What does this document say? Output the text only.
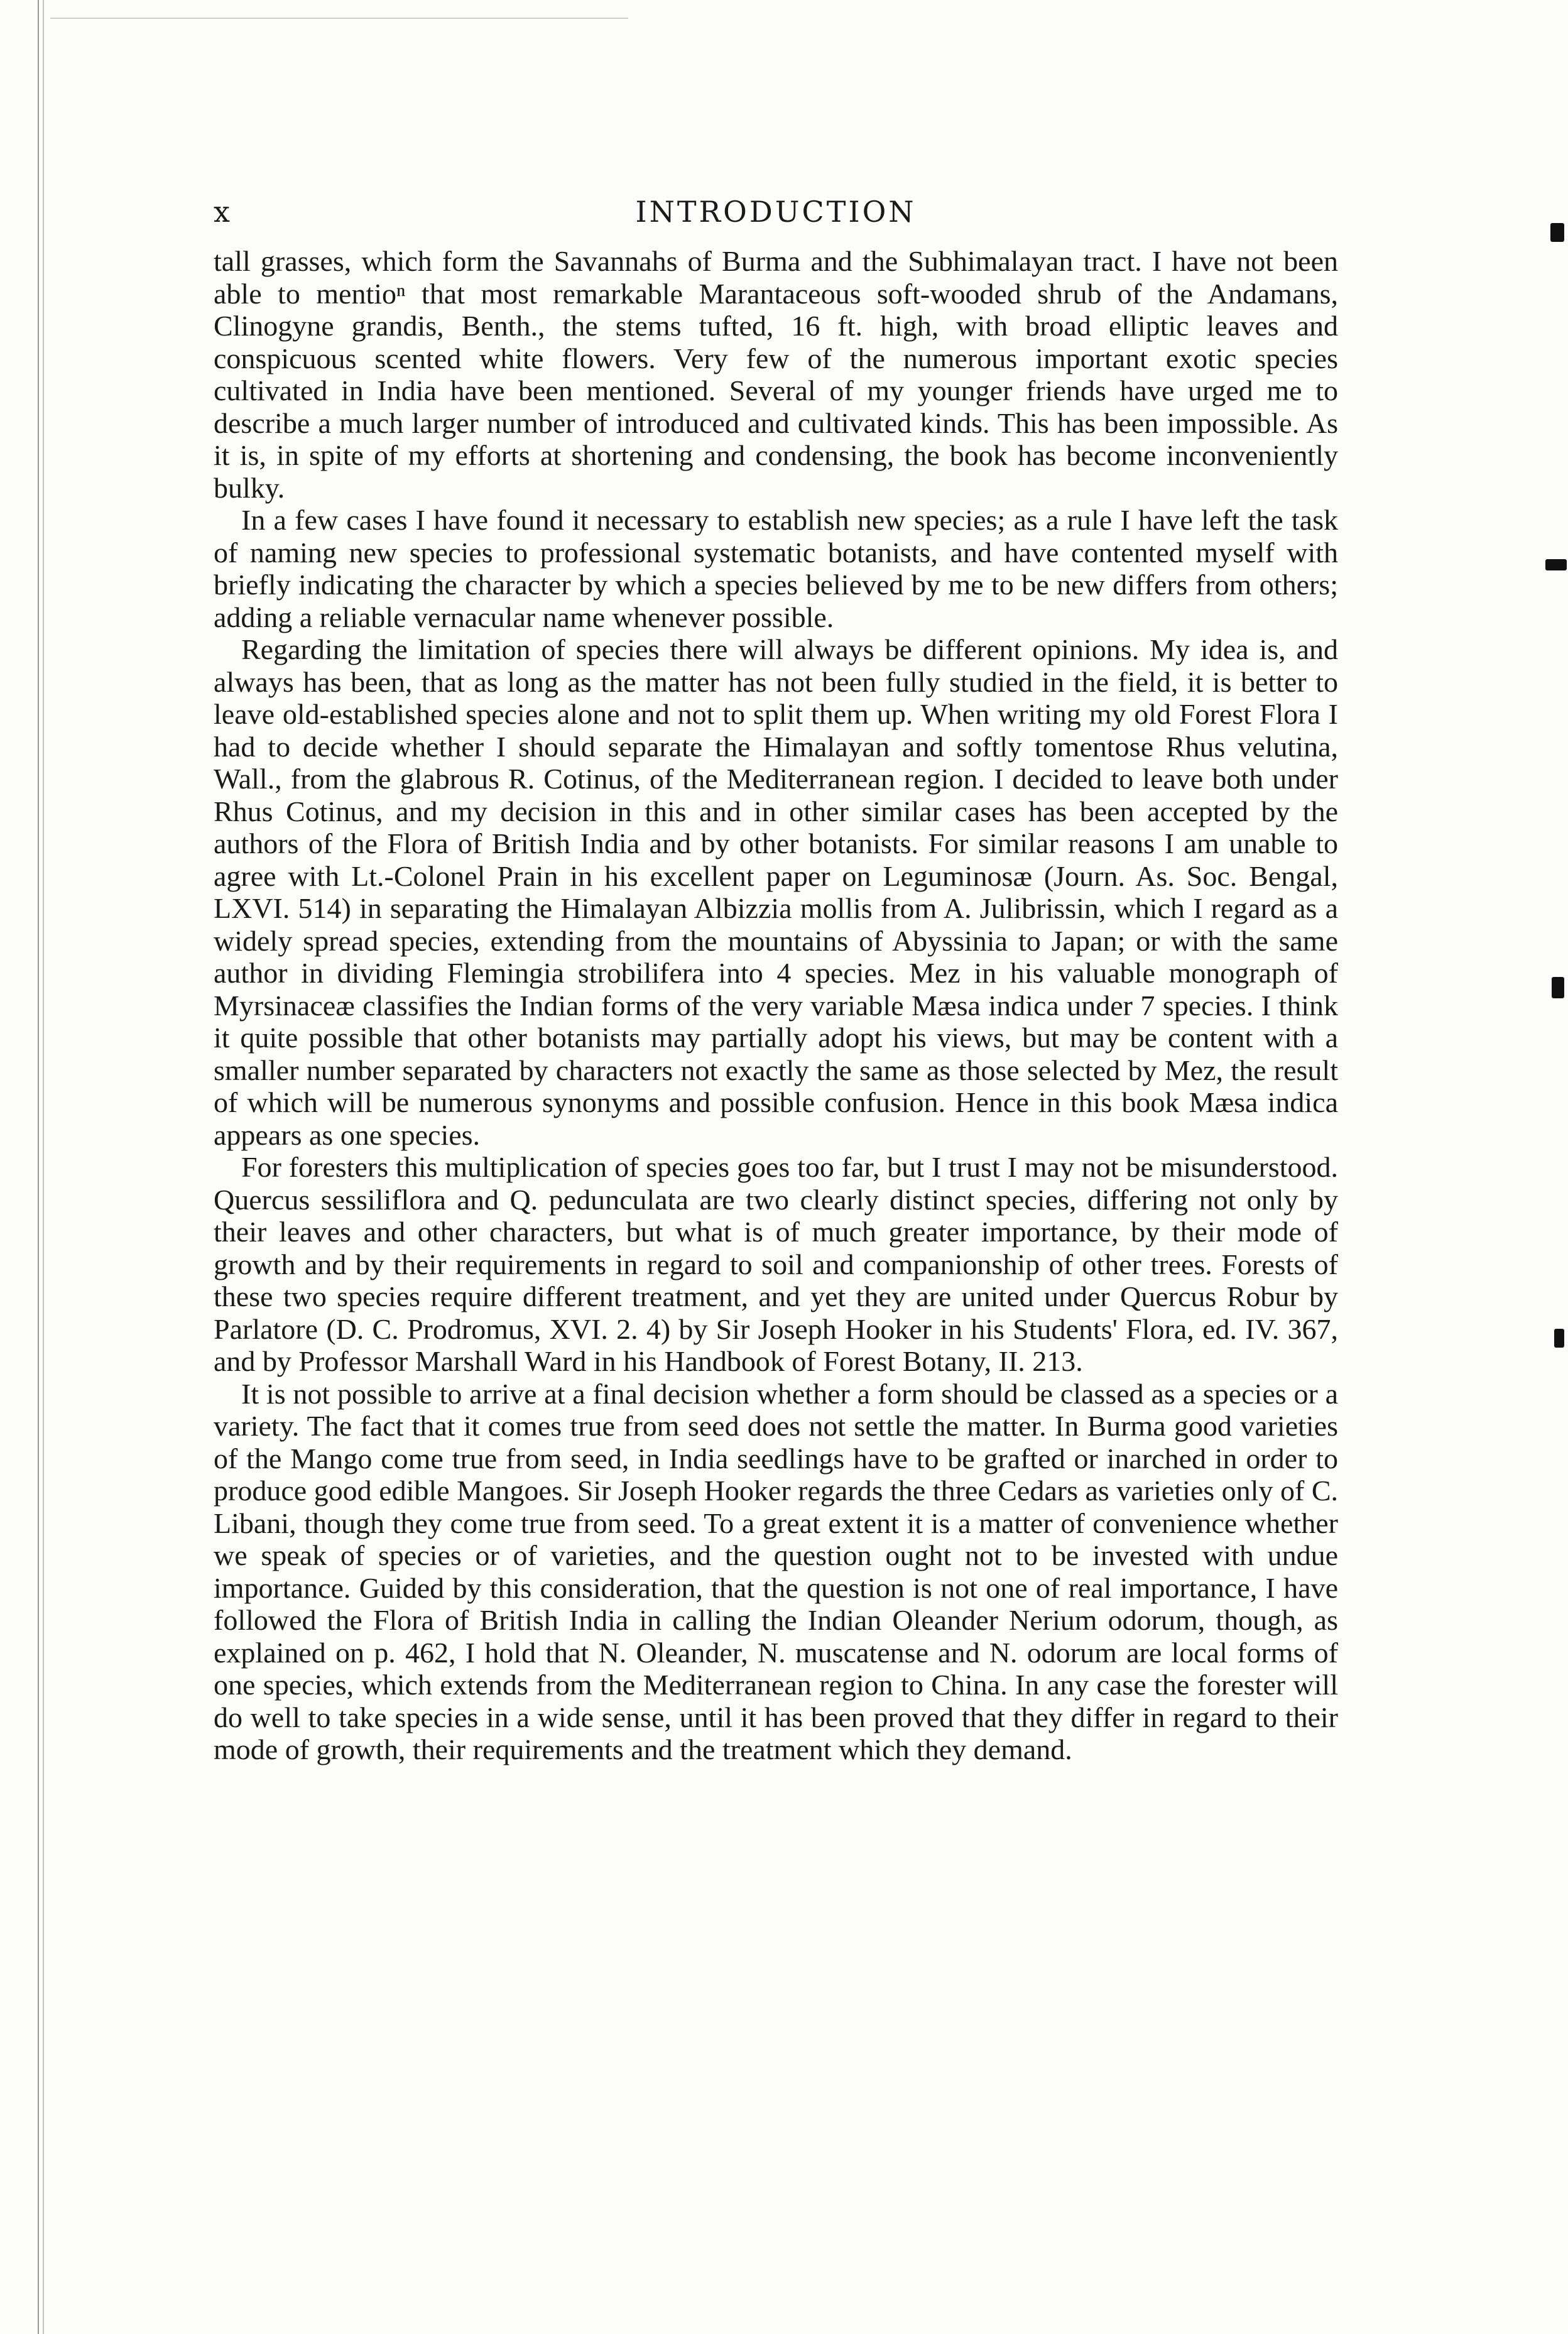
x	INTRODUCTION

tall grasses, which form the Savannahs of Burma and the Subhimalayan tract. I have not been able to mentioⁿ that most remarkable Marantaceous soft-wooded shrub of the Andamans, Clinogyne grandis, Benth., the stems tufted, 16 ft. high, with broad elliptic leaves and conspicuous scented white flowers. Very few of the numerous important exotic species cultivated in India have been mentioned. Several of my younger friends have urged me to describe a much larger number of introduced and cultivated kinds. This has been impossible. As it is, in spite of my efforts at shortening and condensing, the book has become inconveniently bulky.

In a few cases I have found it necessary to establish new species; as a rule I have left the task of naming new species to professional systematic botanists, and have contented myself with briefly indicating the character by which a species believed by me to be new differs from others; adding a reliable vernacular name whenever possible.

Regarding the limitation of species there will always be different opinions. My idea is, and always has been, that as long as the matter has not been fully studied in the field, it is better to leave old-established species alone and not to split them up. When writing my old Forest Flora I had to decide whether I should separate the Himalayan and softly tomentose Rhus velutina, Wall., from the glabrous R. Cotinus, of the Mediterranean region. I decided to leave both under Rhus Cotinus, and my decision in this and in other similar cases has been accepted by the authors of the Flora of British India and by other botanists. For similar reasons I am unable to agree with Lt.-Colonel Prain in his excellent paper on Leguminosæ (Journ. As. Soc. Bengal, LXVI. 514) in separating the Himalayan Albizzia mollis from A. Julibrissin, which I regard as a widely spread species, extending from the mountains of Abyssinia to Japan; or with the same author in dividing Flemingia strobilifera into 4 species. Mez in his valuable monograph of Myrsinaceæ classifies the Indian forms of the very variable Mæsa indica under 7 species. I think it quite possible that other botanists may partially adopt his views, but may be content with a smaller number separated by characters not exactly the same as those selected by Mez, the result of which will be numerous synonyms and possible confusion. Hence in this book Mæsa indica appears as one species.

For foresters this multiplication of species goes too far, but I trust I may not be misunderstood. Quercus sessiliflora and Q. pedunculata are two clearly distinct species, differing not only by their leaves and other characters, but what is of much greater importance, by their mode of growth and by their requirements in regard to soil and companionship of other trees. Forests of these two species require different treatment, and yet they are united under Quercus Robur by Parlatore (D. C. Prodromus, XVI. 2. 4) by Sir Joseph Hooker in his Students' Flora, ed. IV. 367, and by Professor Marshall Ward in his Handbook of Forest Botany, II. 213.

It is not possible to arrive at a final decision whether a form should be classed as a species or a variety. The fact that it comes true from seed does not settle the matter. In Burma good varieties of the Mango come true from seed, in India seedlings have to be grafted or inarched in order to produce good edible Mangoes. Sir Joseph Hooker regards the three Cedars as varieties only of C. Libani, though they come true from seed. To a great extent it is a matter of convenience whether we speak of species or of varieties, and the question ought not to be invested with undue importance. Guided by this consideration, that the question is not one of real importance, I have followed the Flora of British India in calling the Indian Oleander Nerium odorum, though, as explained on p. 462, I hold that N. Oleander, N. muscatense and N. odorum are local forms of one species, which extends from the Mediterranean region to China. In any case the forester will do well to take species in a wide sense, until it has been proved that they differ in regard to their mode of growth, their requirements and the treatment which they demand.
